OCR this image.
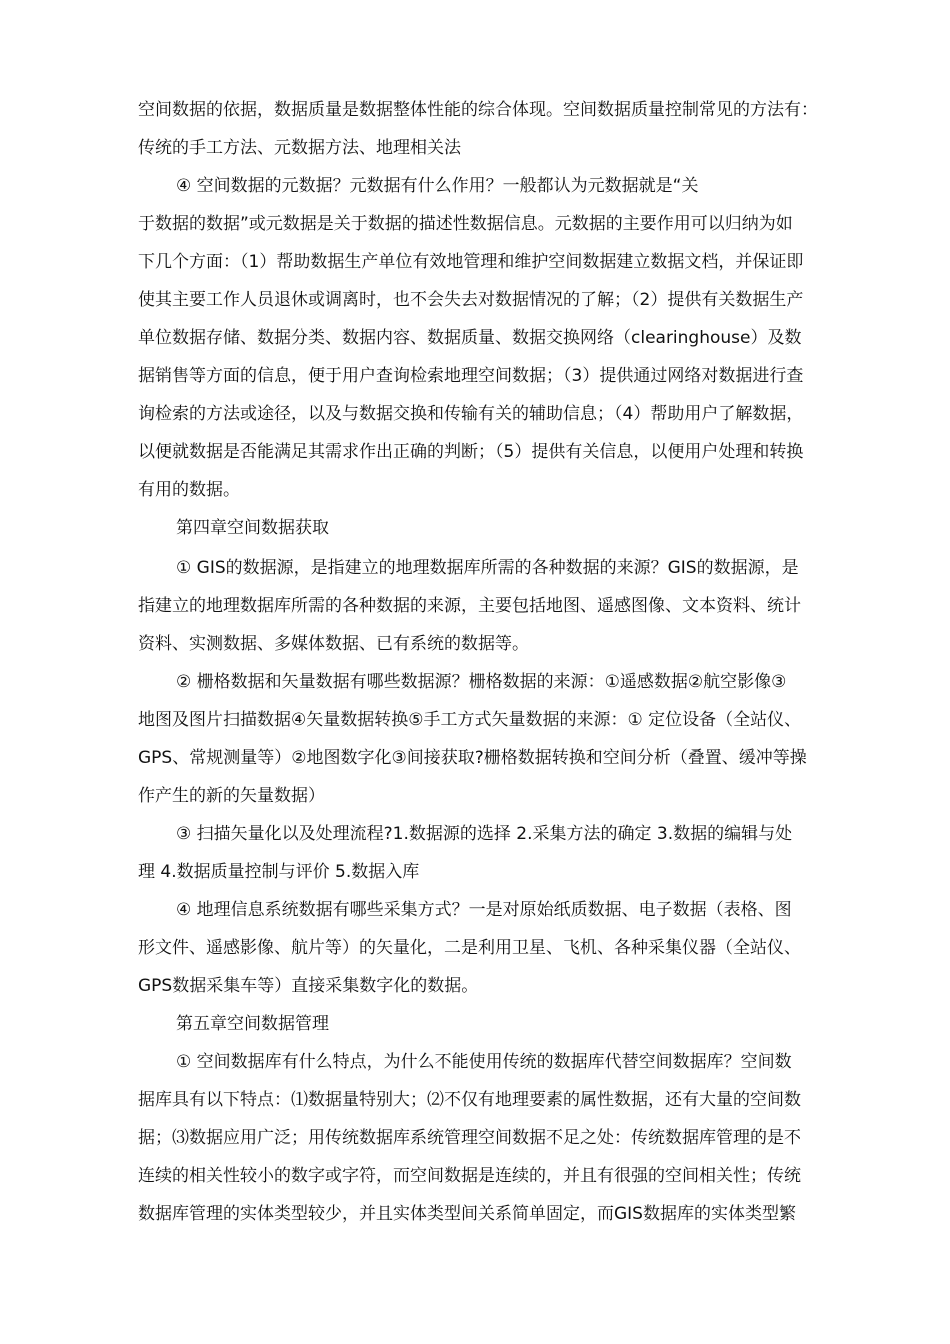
空间数据的依据，数据质量是数据整体性能的综合体现。空间数据质量控制常见的方法有：
传统的手工方法、元数据方法、地理相关法
④ 空间数据的元数据？元数据有什么作用？一般都认为元数据就是“关
于数据的数据”或元数据是关于数据的描述性数据信息。元数据的主要作用可以归纳为如
下几个方面：（1）帮助数据生产单位有效地管理和维护空间数据建立数据文档，并保证即
使其主要工作人员退休或调离时，也不会失去对数据情况的了解；（2）提供有关数据生产
单位数据存储、数据分类、数据内容、数据质量、数据交换网络（clearinghouse）及数
据销售等方面的信息，便于用户查询检索地理空间数据；（3）提供通过网络对数据进行查
询检索的方法或途径，以及与数据交换和传输有关的辅助信息；（4）帮助用户了解数据，
以便就数据是否能满足其需求作出正确的判断；（5）提供有关信息，以便用户处理和转换
有用的数据。
第四章空间数据获取
① GIS的数据源，是指建立的地理数据库所需的各种数据的来源？GIS的数据源，是
指建立的地理数据库所需的各种数据的来源，主要包括地图、遥感图像、文本资料、统计
资料、实测数据、多媒体数据、已有系统的数据等。
② 栅格数据和矢量数据有哪些数据源？栅格数据的来源：①遥感数据②航空影像③
地图及图片扫描数据④矢量数据转换⑤手工方式矢量数据的来源：① 定位设备（全站仪、
GPS、常规测量等）②地图数字化③间接获取?栅格数据转换和空间分析（叠置、缓冲等操
作产生的新的矢量数据）
③ 扫描矢量化以及处理流程?1.数据源的选择 2.采集方法的确定 3.数据的编辑与处
理 4.数据质量控制与评价 5.数据入库
④ 地理信息系统数据有哪些采集方式？一是对原始纸质数据、电子数据（表格、图
形文件、遥感影像、航片等）的矢量化，二是利用卫星、飞机、各种采集仪器（全站仪、
GPS数据采集车等）直接采集数字化的数据。
第五章空间数据管理
① 空间数据库有什么特点，为什么不能使用传统的数据库代替空间数据库？空间数
据库具有以下特点：⑴数据量特别大；⑵不仅有地理要素的属性数据，还有大量的空间数
据；⑶数据应用广泛；用传统数据库系统管理空间数据不足之处：传统数据库管理的是不
连续的相关性较小的数字或字符，而空间数据是连续的，并且有很强的空间相关性；传统
数据库管理的实体类型较少，并且实体类型间关系简单固定，而GIS数据库的实体类型繁
